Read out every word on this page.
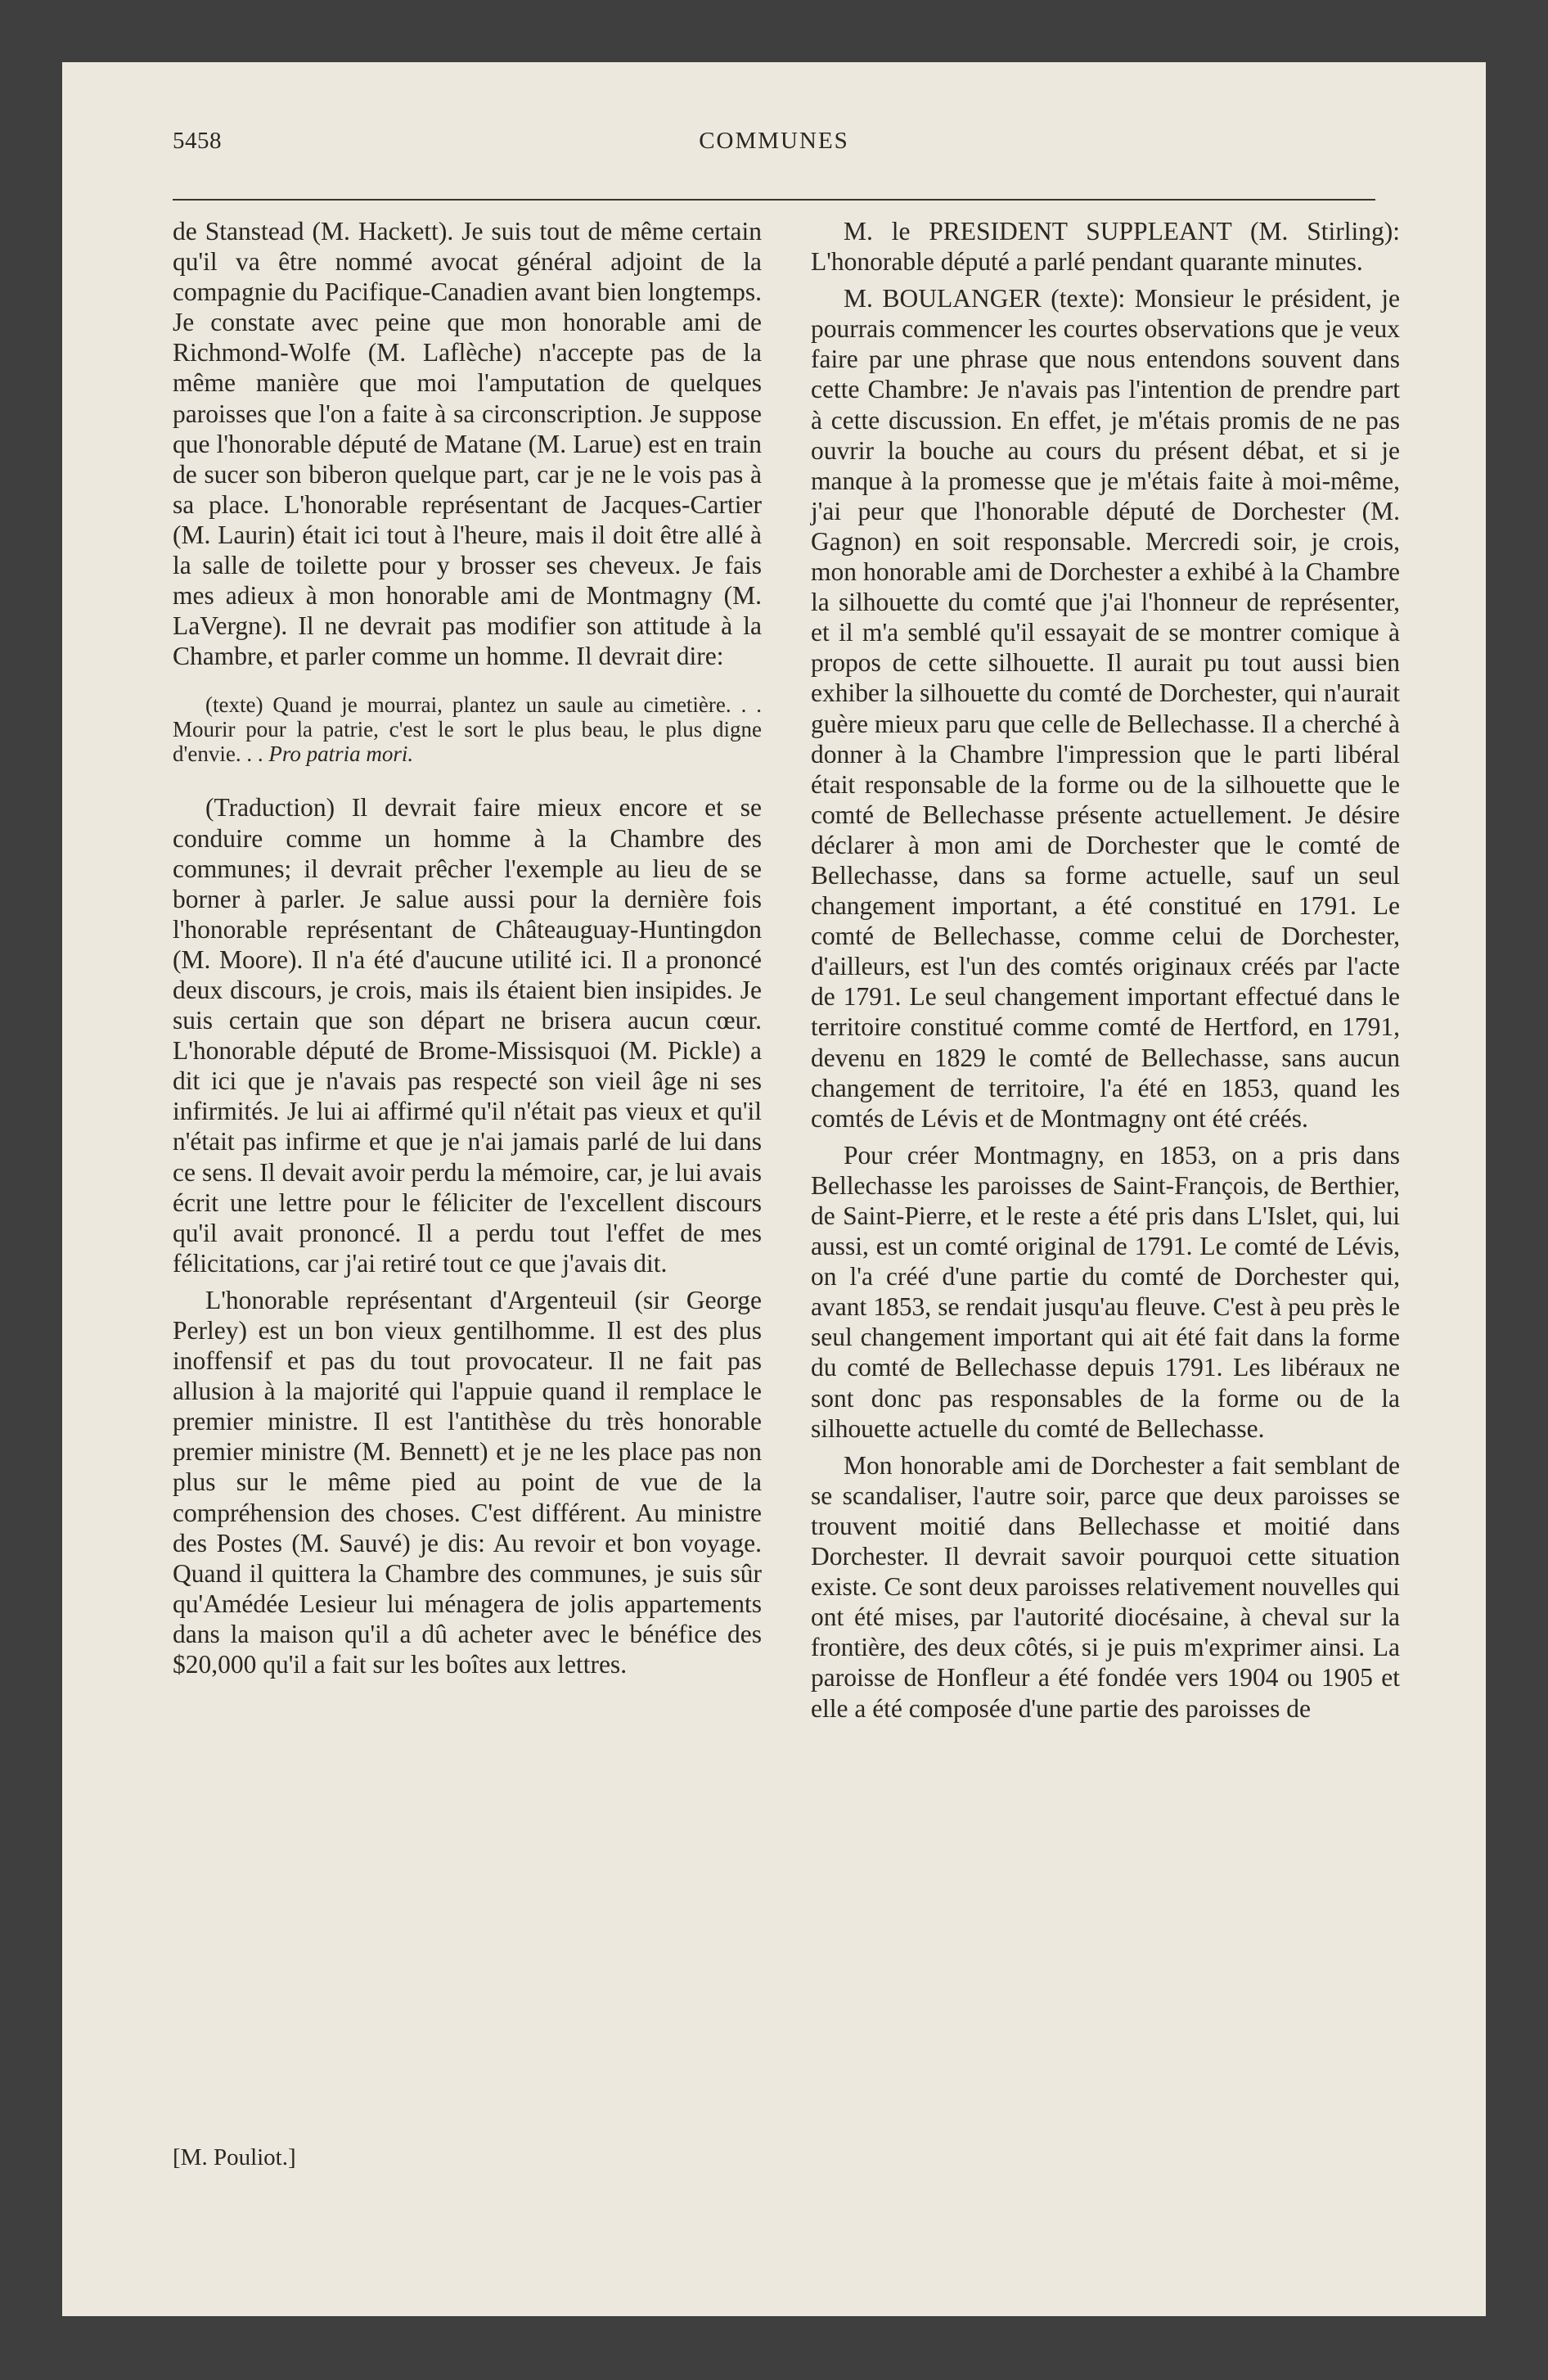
5458	COMMUNES

de Stanstead (M. Hackett). Je suis tout de même certain qu'il va être nommé avocat général adjoint de la compagnie du Pacifique-Canadien avant bien longtemps. Je constate avec peine que mon honorable ami de Richmond-Wolfe (M. Laflèche) n'accepte pas de la même manière que moi l'amputation de quelques paroisses que l'on a faite à sa circonscription. Je suppose que l'honorable député de Matane (M. Larue) est en train de sucer son biberon quelque part, car je ne le vois pas à sa place. L'honorable représentant de Jacques-Cartier (M. Laurin) était ici tout à l'heure, mais il doit être allé à la salle de toilette pour y brosser ses cheveux. Je fais mes adieux à mon honorable ami de Montmagny (M. LaVergne). Il ne devrait pas modifier son attitude à la Chambre, et parler comme un homme. Il devrait dire:

(texte) Quand je mourrai, plantez un saule au cimetière. . . Mourir pour la patrie, c'est le sort le plus beau, le plus digne d'envie. . . Pro patria mori.

(Traduction) Il devrait faire mieux encore et se conduire comme un homme à la Chambre des communes; il devrait prêcher l'exemple au lieu de se borner à parler. Je salue aussi pour la dernière fois l'honorable représentant de Châteauguay-Huntingdon (M. Moore). Il n'a été d'aucune utilité ici. Il a prononcé deux discours, je crois, mais ils étaient bien insipides. Je suis certain que son départ ne brisera aucun cœur. L'honorable député de Brome-Missisquoi (M. Pickle) a dit ici que je n'avais pas respecté son vieil âge ni ses infirmités. Je lui ai affirmé qu'il n'était pas vieux et qu'il n'était pas infirme et que je n'ai jamais parlé de lui dans ce sens. Il devait avoir perdu la mémoire, car, je lui avais écrit une lettre pour le féliciter de l'excellent discours qu'il avait prononcé. Il a perdu tout l'effet de mes félicitations, car j'ai retiré tout ce que j'avais dit.

L'honorable représentant d'Argenteuil (sir George Perley) est un bon vieux gentilhomme. Il est des plus inoffensif et pas du tout provocateur. Il ne fait pas allusion à la majorité qui l'appuie quand il remplace le premier ministre. Il est l'antithèse du très honorable premier ministre (M. Bennett) et je ne les place pas non plus sur le même pied au point de vue de la compréhension des choses. C'est différent. Au ministre des Postes (M. Sauvé) je dis: Au revoir et bon voyage. Quand il quittera la Chambre des communes, je suis sûr qu'Amédée Lesieur lui ménagera de jolis appartements dans la maison qu'il a dû acheter avec le bénéfice des $20,000 qu'il a fait sur les boîtes aux lettres.

[M. Pouliot.]

M. le PRESIDENT SUPPLEANT (M. Stirling): L'honorable député a parlé pendant quarante minutes.

M. BOULANGER (texte): Monsieur le président, je pourrais commencer les courtes observations que je veux faire par une phrase que nous entendons souvent dans cette Chambre: Je n'avais pas l'intention de prendre part à cette discussion. En effet, je m'étais promis de ne pas ouvrir la bouche au cours du présent débat, et si je manque à la promesse que je m'étais faite à moi-même, j'ai peur que l'honorable député de Dorchester (M. Gagnon) en soit responsable. Mercredi soir, je crois, mon honorable ami de Dorchester a exhibé à la Chambre la silhouette du comté que j'ai l'honneur de représenter, et il m'a semblé qu'il essayait de se montrer comique à propos de cette silhouette. Il aurait pu tout aussi bien exhiber la silhouette du comté de Dorchester, qui n'aurait guère mieux paru que celle de Bellechasse. Il a cherché à donner à la Chambre l'impression que le parti libéral était responsable de la forme ou de la silhouette que le comté de Bellechasse présente actuellement. Je désire déclarer à mon ami de Dorchester que le comté de Bellechasse, dans sa forme actuelle, sauf un seul changement important, a été constitué en 1791. Le comté de Bellechasse, comme celui de Dorchester, d'ailleurs, est l'un des comtés originaux créés par l'acte de 1791. Le seul changement important effectué dans le territoire constitué comme comté de Hertford, en 1791, devenu en 1829 le comté de Bellechasse, sans aucun changement de territoire, l'a été en 1853, quand les comtés de Lévis et de Montmagny ont été créés.

Pour créer Montmagny, en 1853, on a pris dans Bellechasse les paroisses de Saint-François, de Berthier, de Saint-Pierre, et le reste a été pris dans L'Islet, qui, lui aussi, est un comté original de 1791. Le comté de Lévis, on l'a créé d'une partie du comté de Dorchester qui, avant 1853, se rendait jusqu'au fleuve. C'est à peu près le seul changement important qui ait été fait dans la forme du comté de Bellechasse depuis 1791. Les libéraux ne sont donc pas responsables de la forme ou de la silhouette actuelle du comté de Bellechasse.

Mon honorable ami de Dorchester a fait semblant de se scandaliser, l'autre soir, parce que deux paroisses se trouvent moitié dans Bellechasse et moitié dans Dorchester. Il devrait savoir pourquoi cette situation existe. Ce sont deux paroisses relativement nouvelles qui ont été mises, par l'autorité diocésaine, à cheval sur la frontière, des deux côtés, si je puis m'exprimer ainsi. La paroisse de Honfleur a été fondée vers 1904 ou 1905 et elle a été composée d'une partie des paroisses de
